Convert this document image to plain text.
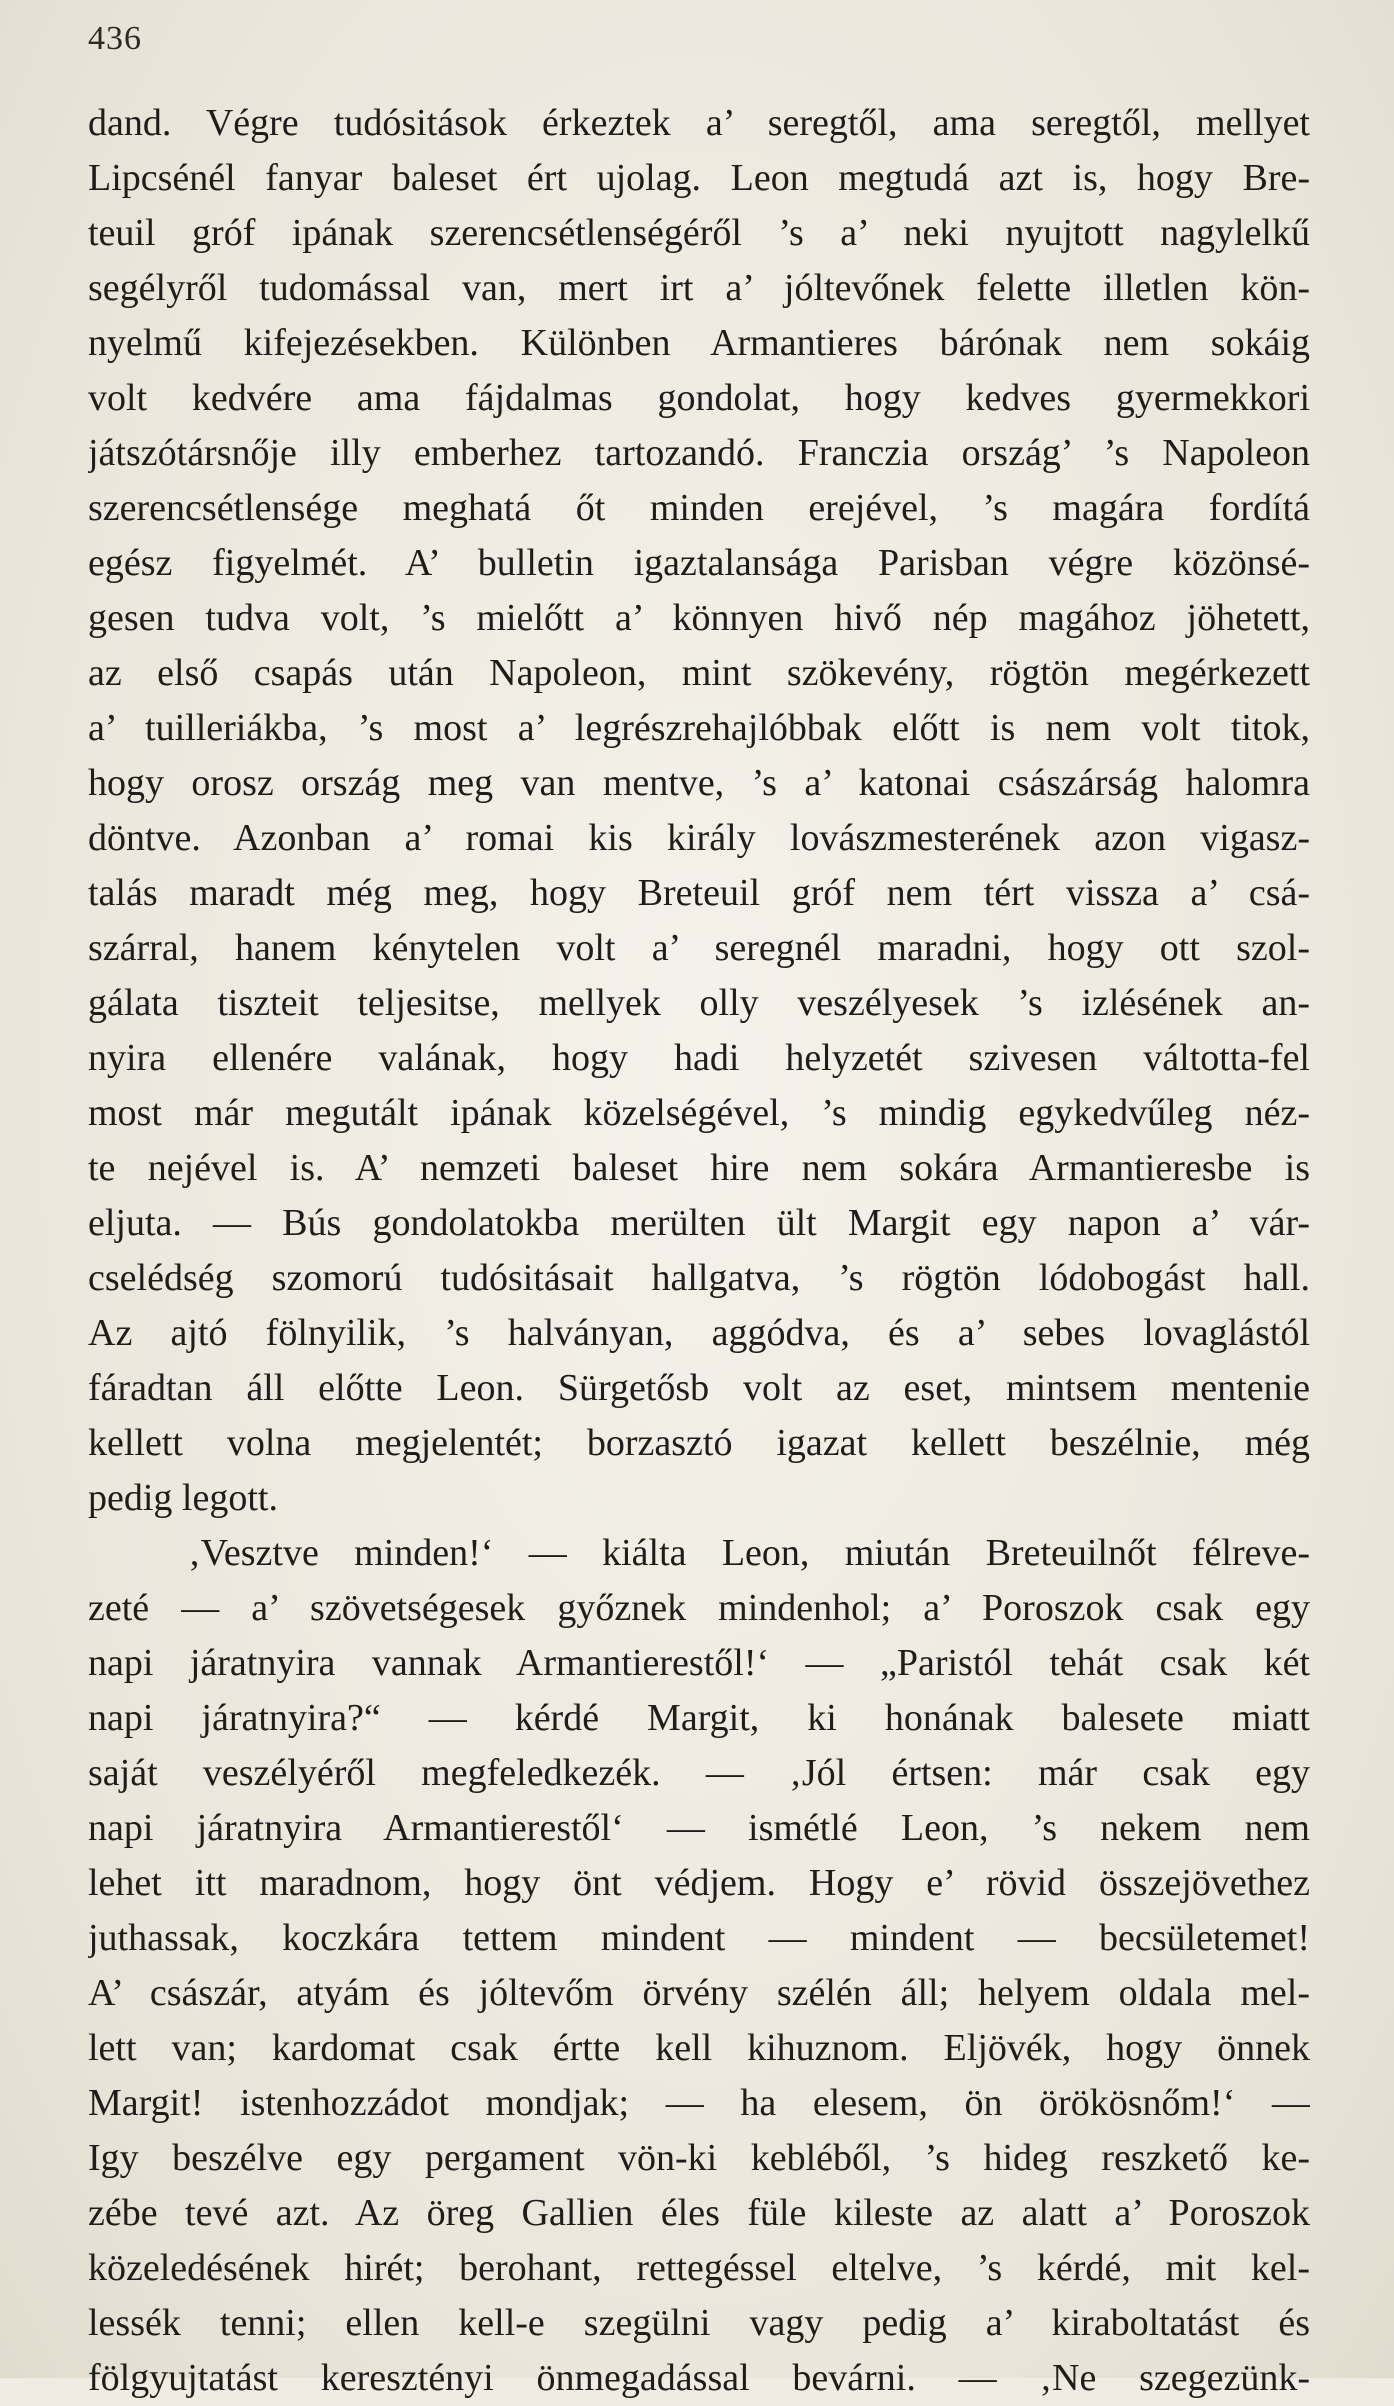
436
dand. Végre tudósitások érkeztek a’ seregtől, ama seregtől, mellyet
Lipcsénél fanyar baleset ért ujolag. Leon megtudá azt is, hogy Bre-
teuil gróf ipának szerencsétlenségéről ’s a’ neki nyujtott nagylelkű
segélyről tudomással van, mert irt a’ jóltevőnek felette illetlen kön-
nyelmű kifejezésekben. Különben Armantieres bárónak nem sokáig
volt kedvére ama fájdalmas gondolat, hogy kedves gyermekkori
játszótársnője illy emberhez tartozandó. Franczia ország’ ’s Napoleon
szerencsétlensége meghatá őt minden erejével, ’s magára fordítá
egész figyelmét. A’ bulletin igaztalansága Parisban végre közönsé-
gesen tudva volt, ’s mielőtt a’ könnyen hivő nép magához jöhetett,
az első csapás után Napoleon, mint szökevény, rögtön megérkezett
a’ tuilleriákba, ’s most a’ legrészrehajlóbbak előtt is nem volt titok,
hogy orosz ország meg van mentve, ’s a’ katonai császárság halomra
döntve. Azonban a’ romai kis király lovászmesterének azon vigasz-
talás maradt még meg, hogy Breteuil gróf nem tért vissza a’ csá-
szárral, hanem kénytelen volt a’ seregnél maradni, hogy ott szol-
gálata tiszteit teljesitse, mellyek olly veszélyesek ’s izlésének an-
nyira ellenére valának, hogy hadi helyzetét szivesen váltotta-fel
most már megutált ipának közelségével, ’s mindig egykedvűleg néz-
te nejével is. A’ nemzeti baleset hire nem sokára Armantieresbe is
eljuta. — Bús gondolatokba merülten ült Margit egy napon a’ vár-
cselédség szomorú tudósitásait hallgatva, ’s rögtön lódobogást hall.
Az ajtó fölnyilik, ’s halványan, aggódva, és a’ sebes lovaglástól
fáradtan áll előtte Leon. Sürgetősb volt az eset, mintsem mentenie
kellett volna megjelentét; borzasztó igazat kellett beszélnie, még
pedig legott.
‚Vesztve minden!‘ — kiálta Leon, miután Breteuilnőt félreve-
zeté — a’ szövetségesek győznek mindenhol; a’ Poroszok csak egy
napi járatnyira vannak Armantierestől!‘ — „Paristól tehát csak két
napi járatnyira?“ — kérdé Margit, ki honának balesete miatt
saját veszélyéről megfeledkezék. — ‚Jól értsen: már csak egy
napi járatnyira Armantierestől‘ — ismétlé Leon, ’s nekem nem
lehet itt maradnom, hogy önt védjem. Hogy e’ rövid összejövethez
juthassak, koczkára tettem mindent — mindent — becsületemet!
A’ császár, atyám és jóltevőm örvény szélén áll; helyem oldala mel-
lett van; kardomat csak értte kell kihuznom. Eljövék, hogy önnek
Margit! istenhozzádot mondjak; — ha elesem, ön örökösnőm!‘ —
Igy beszélve egy pergament vön-ki kebléből, ’s hideg reszkető ke-
zébe tevé azt. Az öreg Gallien éles füle kileste az alatt a’ Poroszok
közeledésének hirét; berohant, rettegéssel eltelve, ’s kérdé, mit kel-
lessék tenni; ellen kell-e szegülni vagy pedig a’ kiraboltatást és
fölgyujtatást keresztényi önmegadással bevárni. — ‚Ne szegezünk-
